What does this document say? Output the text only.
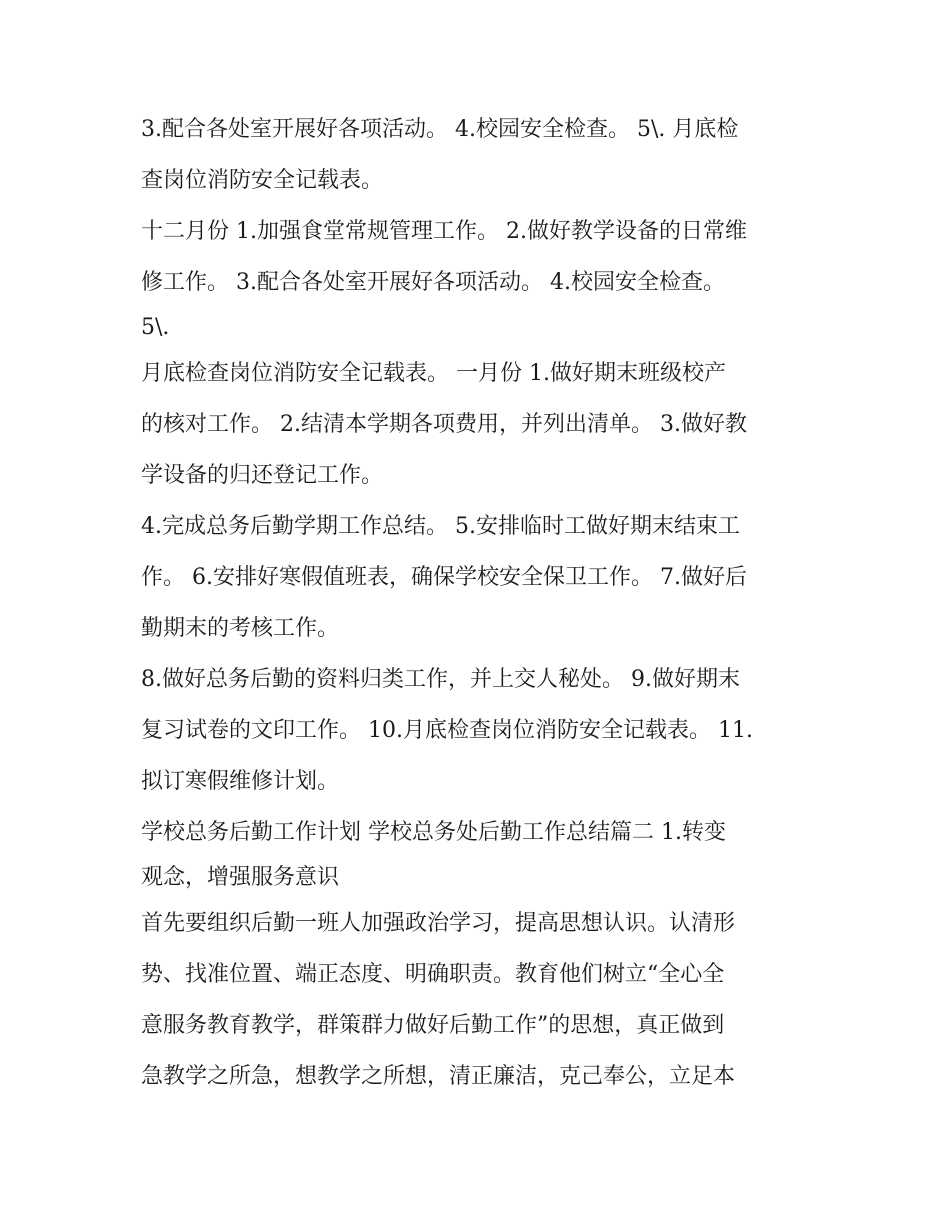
3.配合各处室开展好各项活动。 4.校园安全检查。 5\. 月底检
查岗位消防安全记载表。
十二月份 1.加强食堂常规管理工作。 2.做好教学设备的日常维
修工作。 3.配合各处室开展好各项活动。 4.校园安全检查。
5\.
月底检查岗位消防安全记载表。 一月份 1.做好期末班级校产
的核对工作。 2.结清本学期各项费用，并列出清单。 3.做好教
学设备的归还登记工作。
4.完成总务后勤学期工作总结。 5.安排临时工做好期末结束工
作。 6.安排好寒假值班表，确保学校安全保卫工作。 7.做好后
勤期末的考核工作。
8.做好总务后勤的资料归类工作，并上交人秘处。 9.做好期末
复习试卷的文印工作。 10.月底检查岗位消防安全记载表。 11.
拟订寒假维修计划。
学校总务后勤工作计划 学校总务处后勤工作总结篇二 1.转变
观念，增强服务意识
首先要组织后勤一班人加强政治学习，提高思想认识。认清形
势、找准位置、端正态度、明确职责。教育他们树立“全心全
意服务教育教学，群策群力做好后勤工作”的思想，真正做到
急教学之所急，想教学之所想，清正廉洁，克己奉公，立足本
